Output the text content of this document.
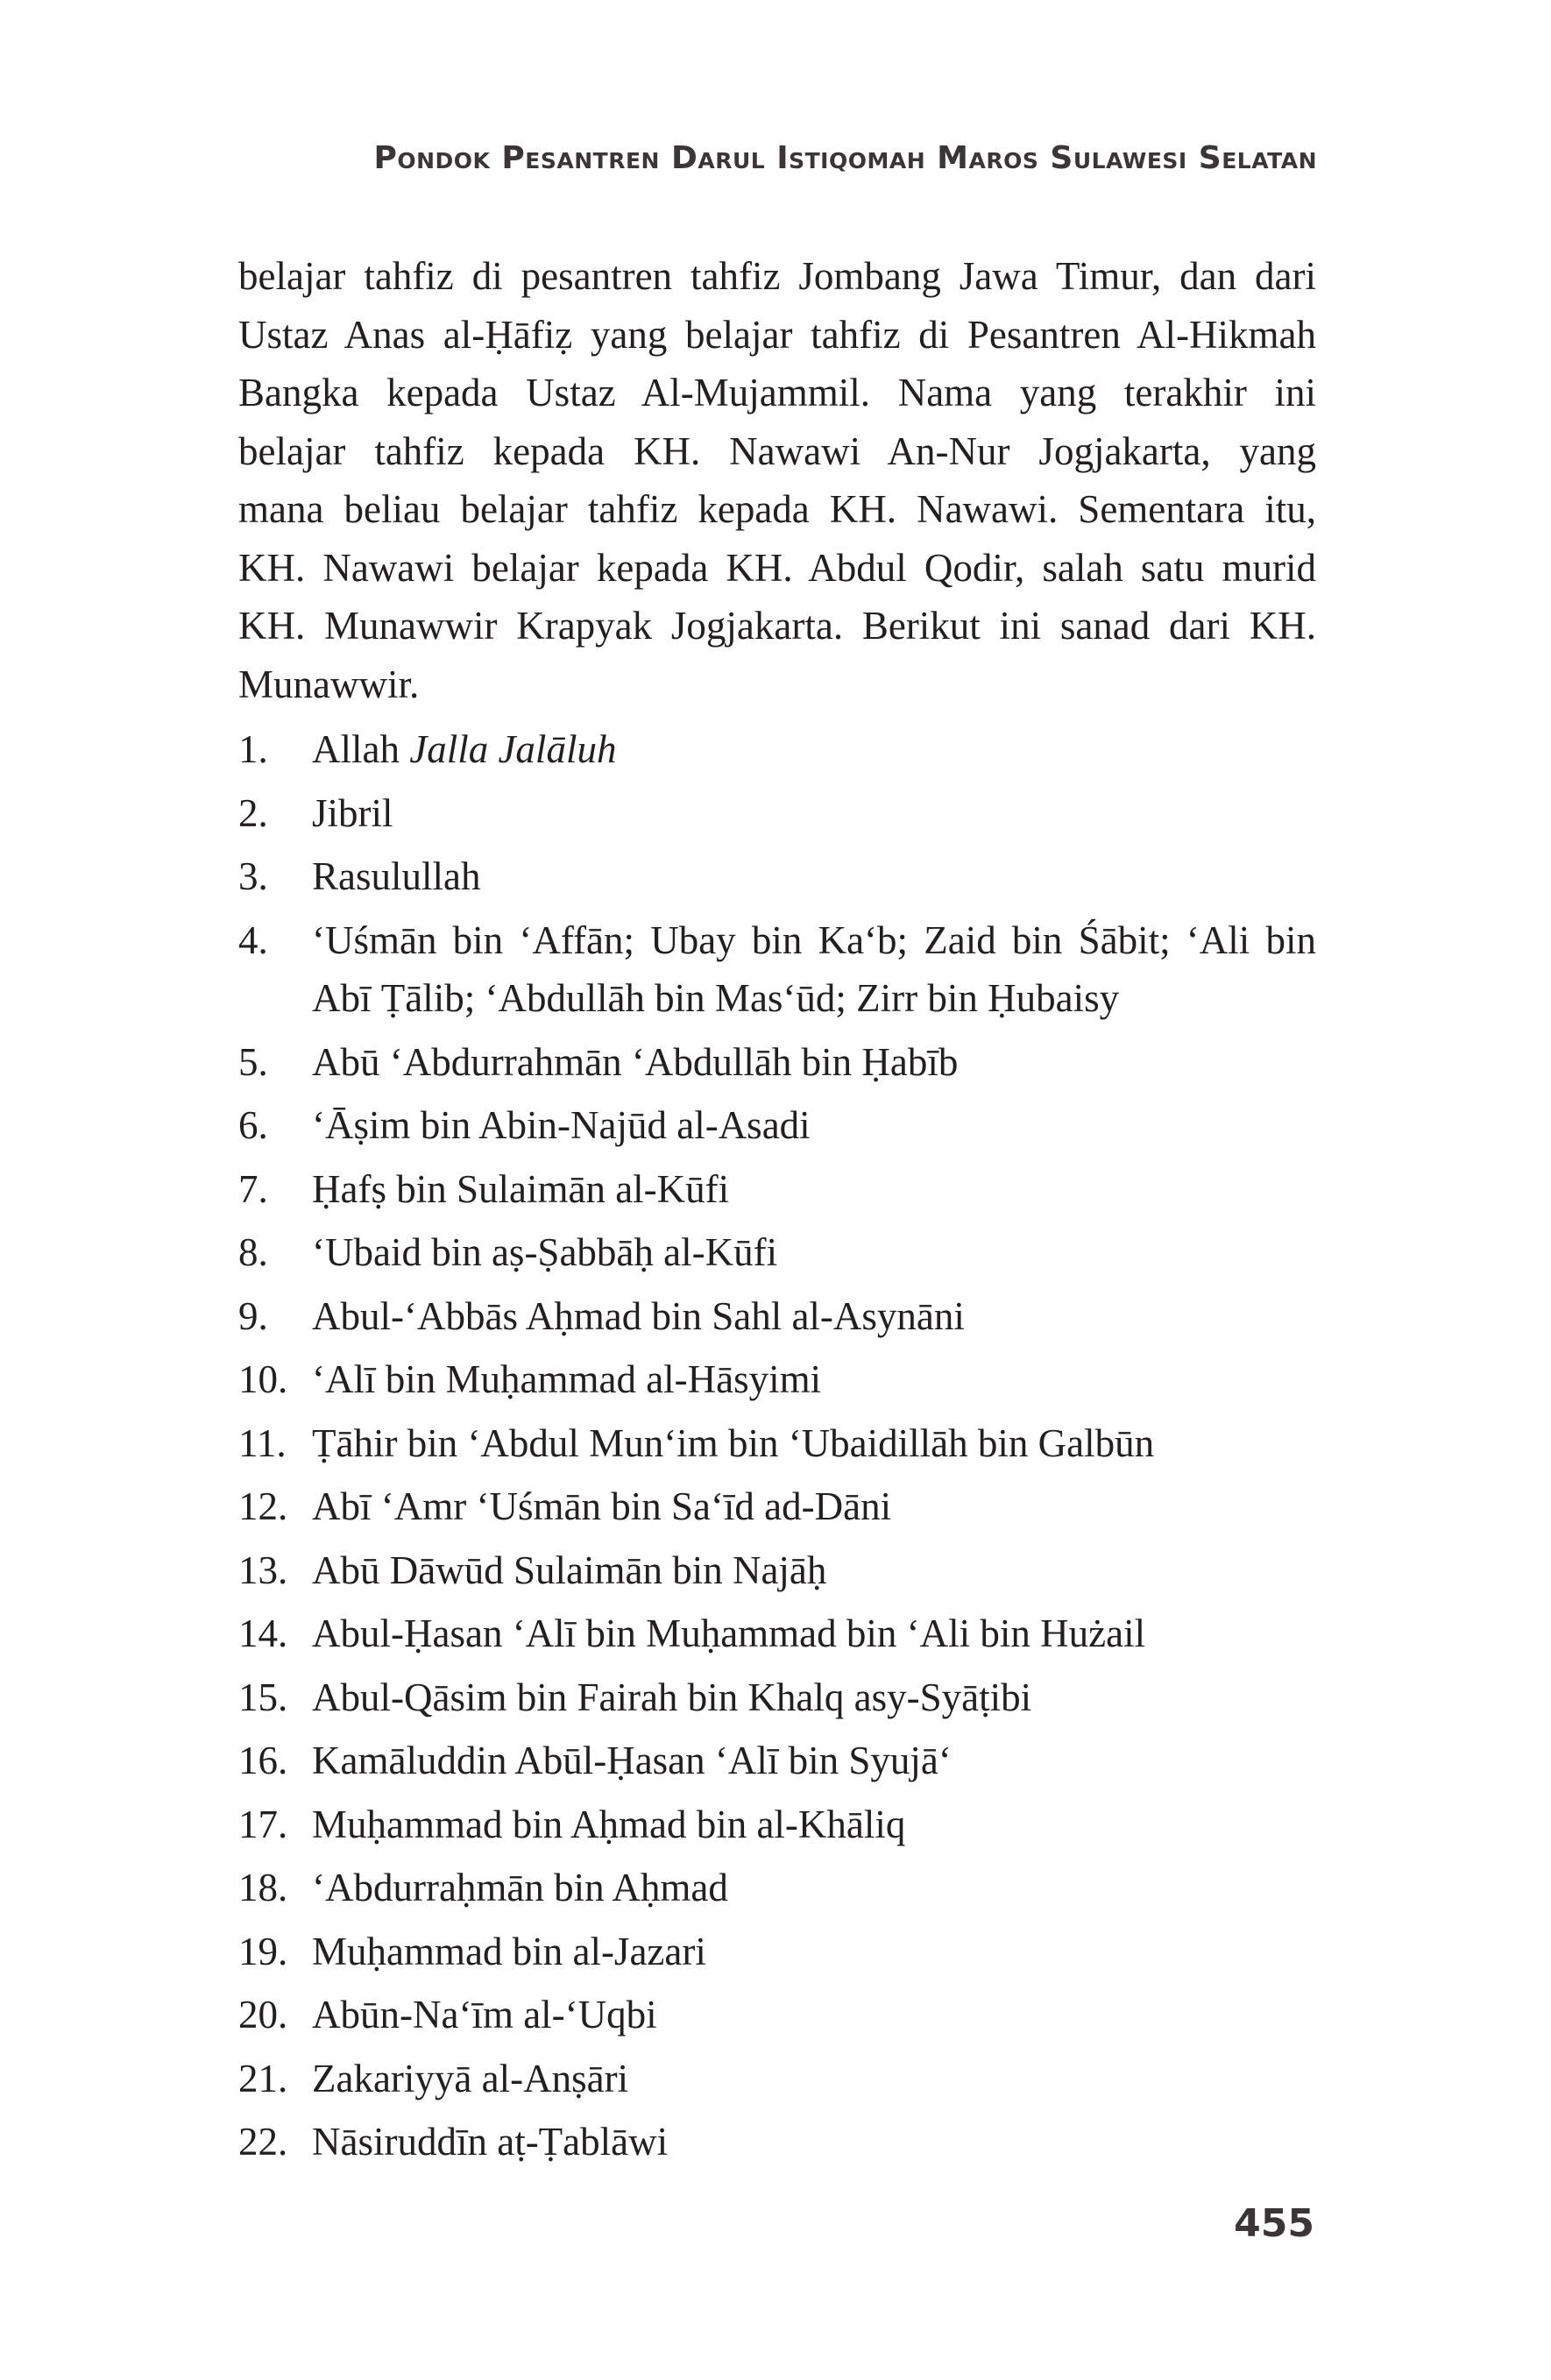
Pondok Pesantren Darul Istiqomah Maros Sulawesi Selatan
belajar tahfiz di pesantren tahfiz Jombang Jawa Timur, dan dari
Ustaz Anas al-Ḥāfiẓ yang belajar tahfiz di Pesantren Al-Hikmah
Bangka kepada Ustaz Al-Mujammil. Nama yang terakhir ini
belajar tahfiz kepada KH. Nawawi An-Nur Jogjakarta, yang
mana beliau belajar tahfiz kepada KH. Nawawi. Sementara itu,
KH. Nawawi belajar kepada KH. Abdul Qodir, salah satu murid
KH. Munawwir Krapyak Jogjakarta. Berikut ini sanad dari KH.
Munawwir.
1. Allah Jalla Jalāluh
2. Jibril
3. Rasulullah
4. ‘Uśmān bin ‘Affān; Ubay bin Ka‘b; Zaid bin Śābit; ‘Ali bin
Abī Ṭālib; ‘Abdullāh bin Mas‘ūd; Zirr bin Ḥubaisy
5. Abū ‘Abdurrahmān ‘Abdullāh bin Ḥabīb
6. ‘Āṣim bin Abin-Najūd al-Asadi
7. Ḥafṣ bin Sulaimān al-Kūfi
8. ‘Ubaid bin aṣ-Ṣabbāḥ al-Kūfi
9. Abul-‘Abbās Aḥmad bin Sahl al-Asynāni
10. ‘Alī bin Muḥammad al-Hāsyimi
11. Ṭāhir bin ‘Abdul Mun‘im bin ‘Ubaidillāh bin Galbūn
12. Abī ‘Amr ‘Uśmān bin Sa‘īd ad-Dāni
13. Abū Dāwūd Sulaimān bin Najāḥ
14. Abul-Ḥasan ‘Alī bin Muḥammad bin ‘Ali bin Hużail
15. Abul-Qāsim bin Fairah bin Khalq asy-Syāṭibi
16. Kamāluddin Abūl-Ḥasan ‘Alī bin Syujā‘
17. Muḥammad bin Aḥmad bin al-Khāliq
18. ‘Abdurraḥmān bin Aḥmad
19. Muḥammad bin al-Jazari
20. Abūn-Na‘īm al-‘Uqbi
21. Zakariyyā al-Anṣāri
22. Nāsiruddīn aṭ-Ṭablāwi
455
